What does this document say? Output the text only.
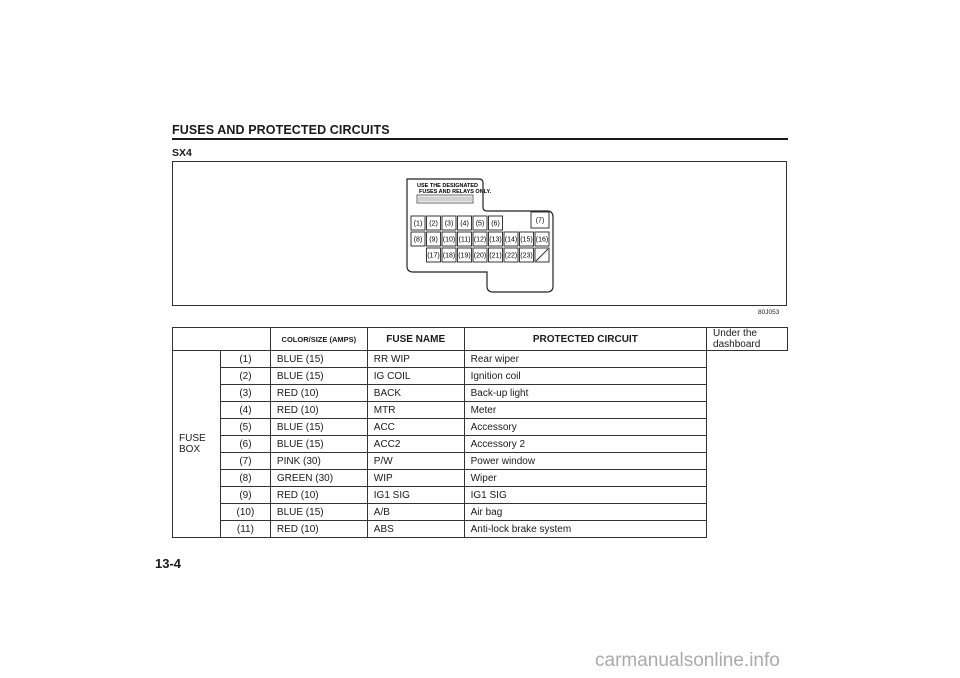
FUSES AND PROTECTED CIRCUITS
SX4
USE THE DESIGNATED
FUSES AND RELAYS ONLY.
(1) (2) (3) (4) (5) (6)	(7)
(8) (9) (10) (11) (12) (13) (14) (15) (16)
(17) (18) (19) (20) (21) (22) (23)
80J053
		COLOR/SIZE (AMPS)	FUSE NAME	PROTECTED CIRCUIT	Under the dashboard
FUSE BOX	(1)	BLUE (15)	RR WIP	Rear wiper	
	(2)	BLUE (15)	IG COIL	Ignition coil	
	(3)	RED (10)	BACK	Back-up light	
	(4)	RED (10)	MTR	Meter	
	(5)	BLUE (15)	ACC	Accessory	
	(6)	BLUE (15)	ACC2	Accessory 2	
	(7)	PINK (30)	P/W	Power window	
	(8)	GREEN (30)	WIP	Wiper	
	(9)	RED (10)	IG1 SIG	IG1 SIG	
	(10)	BLUE (15)	A/B	Air bag	
	(11)	RED (10)	ABS	Anti-lock brake system	
13-4
carmanualsonline.info
